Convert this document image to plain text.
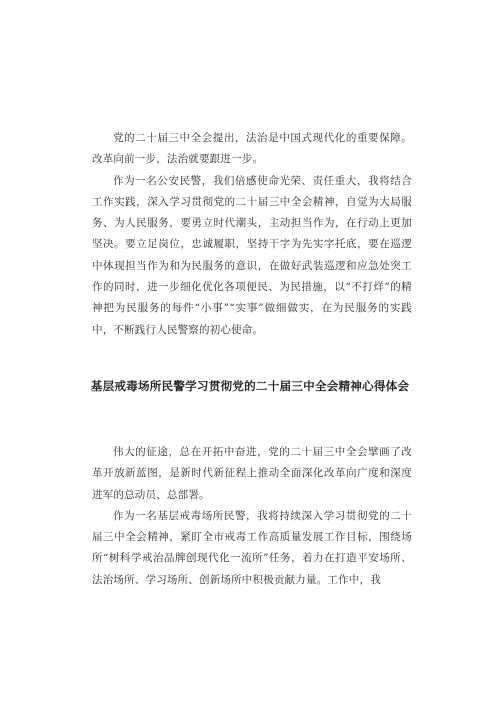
党的二十届三中全会提出，法治是中国式现代化的重要保障。改革向前一步，法治就要跟进一步。

作为一名公安民警，我们倍感使命光荣、责任重大，我将结合工作实践，深入学习贯彻党的二十届三中全会精神，自觉为大局服务、为人民服务，要勇立时代潮头，主动担当作为，在行动上更加坚决。要立足岗位，忠诚履职，坚持干字为先实字托底，要在巡逻中体现担当作为和为民服务的意识，在做好武装巡逻和应急处突工作的同时，进一步细化优化各项便民、为民措施，以“不打烊”的精神把为民服务的每件“小事”“实事”做细做实，在为民服务的实践中，不断践行人民警察的初心使命。

基层戒毒场所民警学习贯彻党的二十届三中全会精神心得体会

伟大的征途，总在开拓中奋进，党的二十届三中全会擘画了改革开放新蓝图，是新时代新征程上推动全面深化改革向广度和深度进军的总动员、总部署。

作为一名基层戒毒场所民警，我将持续深入学习贯彻党的二十届三中全会精神，紧盯全市戒毒工作高质量发展工作目标，围绕场所“树科学戒治品牌创现代化一流所”任务，着力在打造平安场所、法治场所、学习场所、创新场所中积极贡献力量。工作中，我
